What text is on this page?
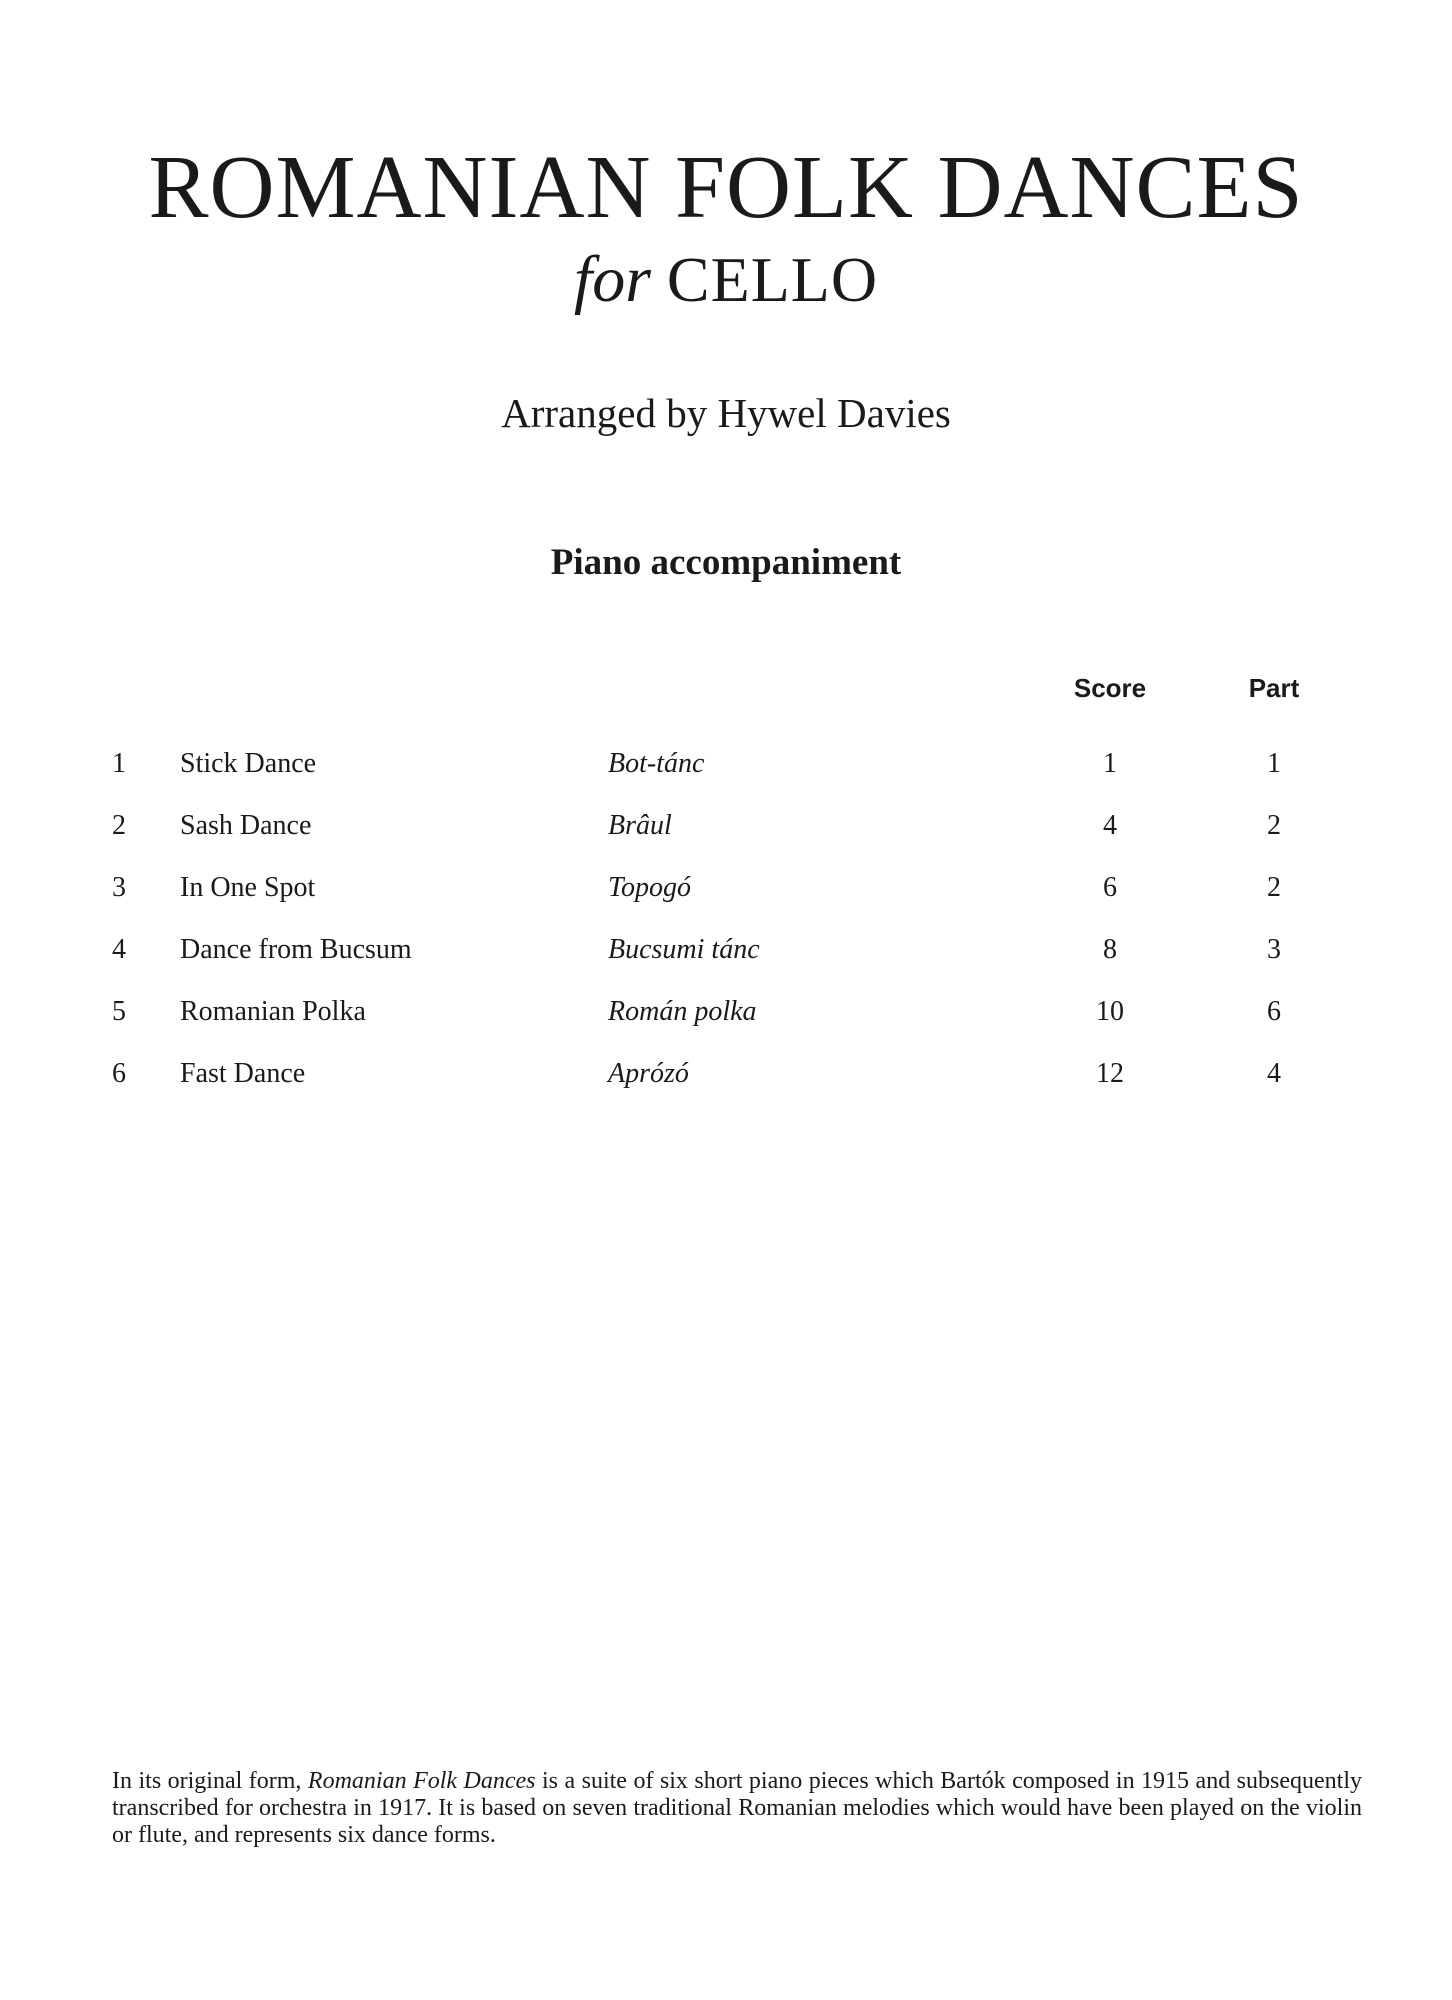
ROMANIAN FOLK DANCES
for CELLO
Arranged by Hywel Davies
Piano accompaniment
Score	Part
1 Stick Dance	Bot-tánc	1	1
2 Sash Dance	Brâul	4	2
3 In One Spot	Topogó	6	2
4 Dance from Bucsum	Bucsumi tánc	8	3
5 Romanian Polka	Román polka	10	6
6 Fast Dance	Aprózó	12	4

In its original form, Romanian Folk Dances is a suite of six short piano pieces which Bartók composed in 1915 and subsequently transcribed for orchestra in 1917. It is based on seven traditional Romanian melodies which would have been played on the violin or flute, and represents six dance forms.
